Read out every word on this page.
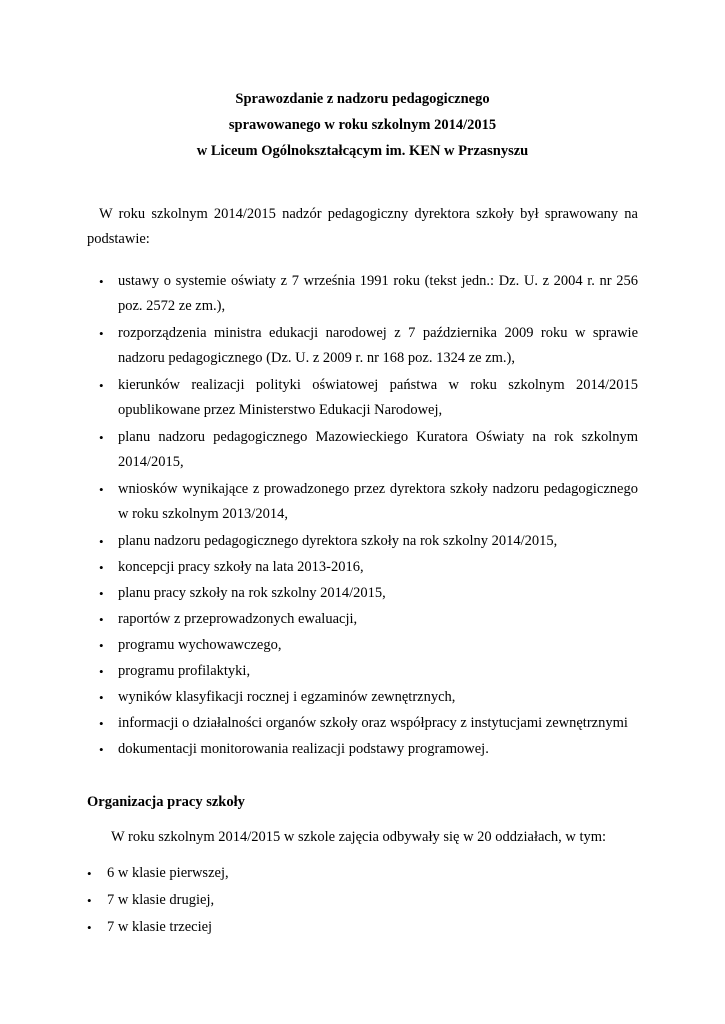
Sprawozdanie z nadzoru pedagogicznego
sprawowanego w roku szkolnym 2014/2015
w Liceum Ogólnokształcącym im. KEN w Przasnyszu
W roku szkolnym 2014/2015 nadzór pedagogiczny dyrektora szkoły był sprawowany na podstawie:
• ustawy o systemie oświaty z 7 września 1991 roku (tekst jedn.: Dz. U. z 2004 r. nr 256 poz. 2572 ze zm.),
• rozporządzenia ministra edukacji narodowej z 7 października 2009 roku w sprawie nadzoru pedagogicznego (Dz. U. z 2009 r. nr 168 poz. 1324 ze zm.),
• kierunków realizacji polityki oświatowej państwa w roku szkolnym 2014/2015 opublikowane przez Ministerstwo Edukacji Narodowej,
• planu nadzoru pedagogicznego Mazowieckiego Kuratora Oświaty na rok szkolnym 2014/2015,
• wniosków wynikające z prowadzonego przez dyrektora szkoły nadzoru pedagogicznego w roku szkolnym 2013/2014,
• planu nadzoru pedagogicznego dyrektora szkoły na rok szkolny 2014/2015,
• koncepcji pracy szkoły na lata 2013-2016,
• planu pracy szkoły na rok szkolny 2014/2015,
• raportów z przeprowadzonych ewaluacji,
• programu wychowawczego,
• programu profilaktyki,
• wyników klasyfikacji rocznej i egzaminów zewnętrznych,
• informacji o działalności organów szkoły oraz współpracy z instytucjami zewnętrznymi
• dokumentacji monitorowania realizacji podstawy programowej.
Organizacja pracy szkoły
W roku szkolnym 2014/2015 w szkole zajęcia odbywały się w 20 oddziałach, w tym:
• 6 w klasie pierwszej,
• 7 w klasie drugiej,
• 7 w klasie trzeciej
